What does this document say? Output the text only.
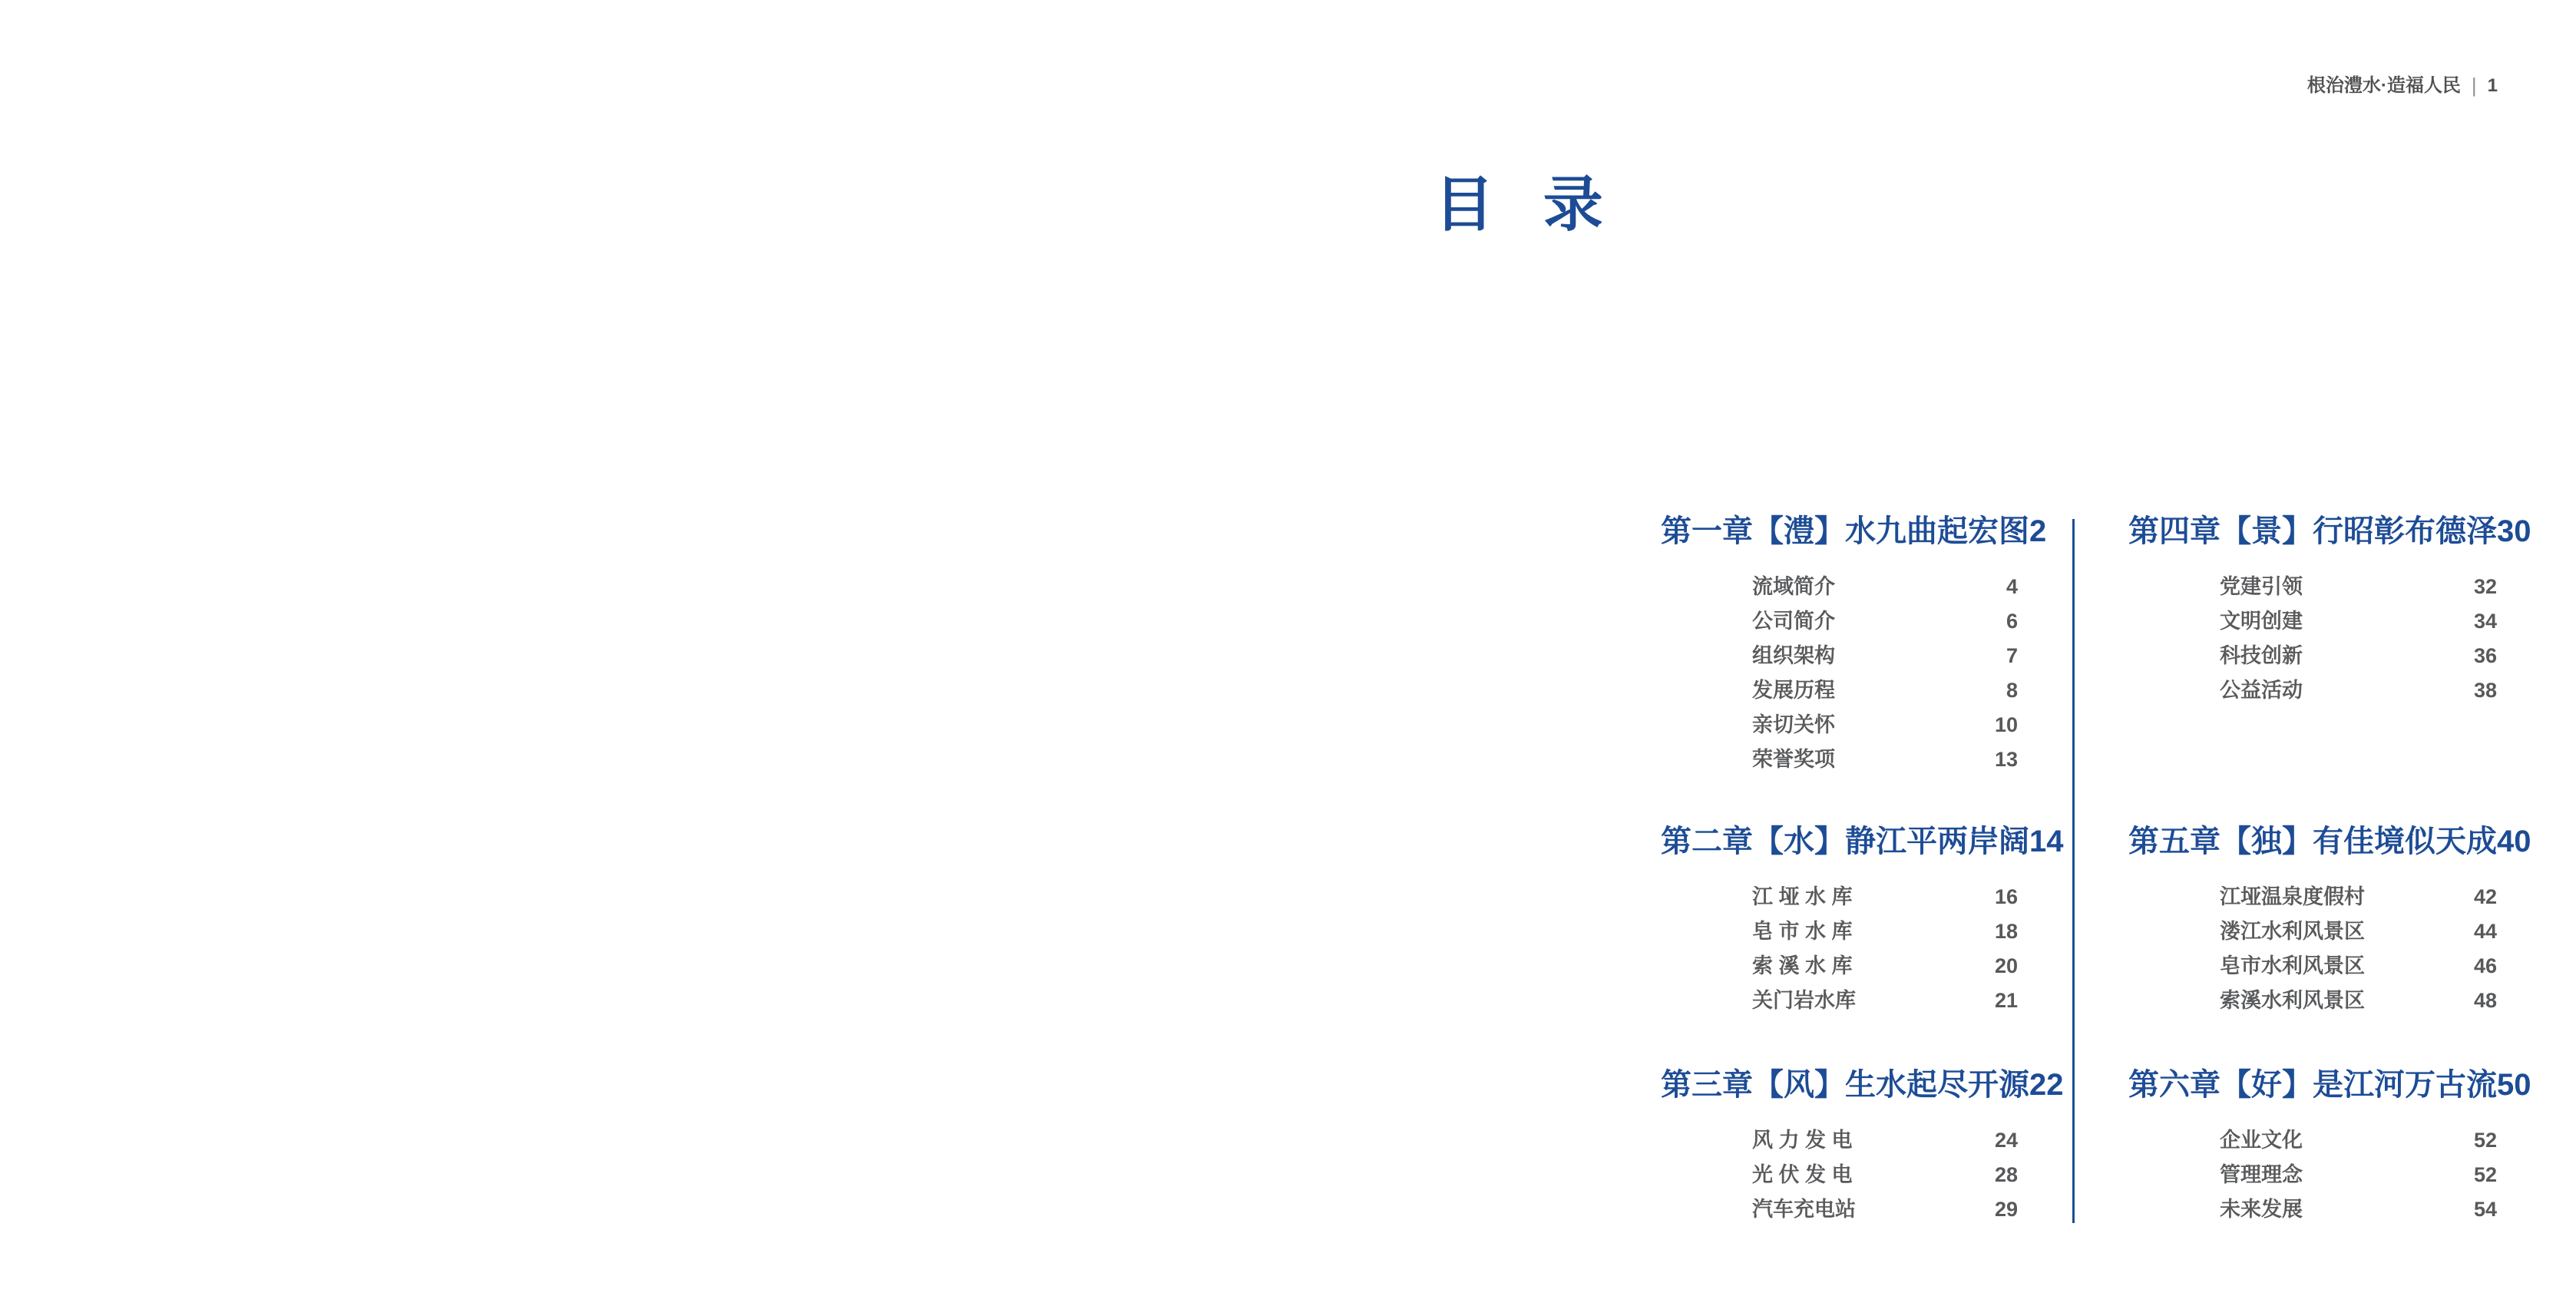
根治澧水·造福人民 | 1
目 录
第一章 【澧】水九曲起宏图 2
流域简介	4
公司简介	6
组织架构	7
发展历程	8
亲切关怀	10
荣誉奖项	13
第二章 【水】静江平两岸阔 14
江 垭 水 库	16
皂 市 水 库	18
索 溪 水 库	20
关门岩水库	21
第三章 【风】生水起尽开源 22
风 力 发 电	24
光 伏 发 电	28
汽车充电站	29
第四章 【景】行昭彰布德泽 30
党建引领	32
文明创建	34
科技创新	36
公益活动	38
第五章 【独】有佳境似天成 40
江垭温泉度假村	42
溇江水利风景区	44
皂市水利风景区	46
索溪水利风景区	48
第六章 【好】是江河万古流 50
企业文化	52
管理理念	52
未来发展	54
